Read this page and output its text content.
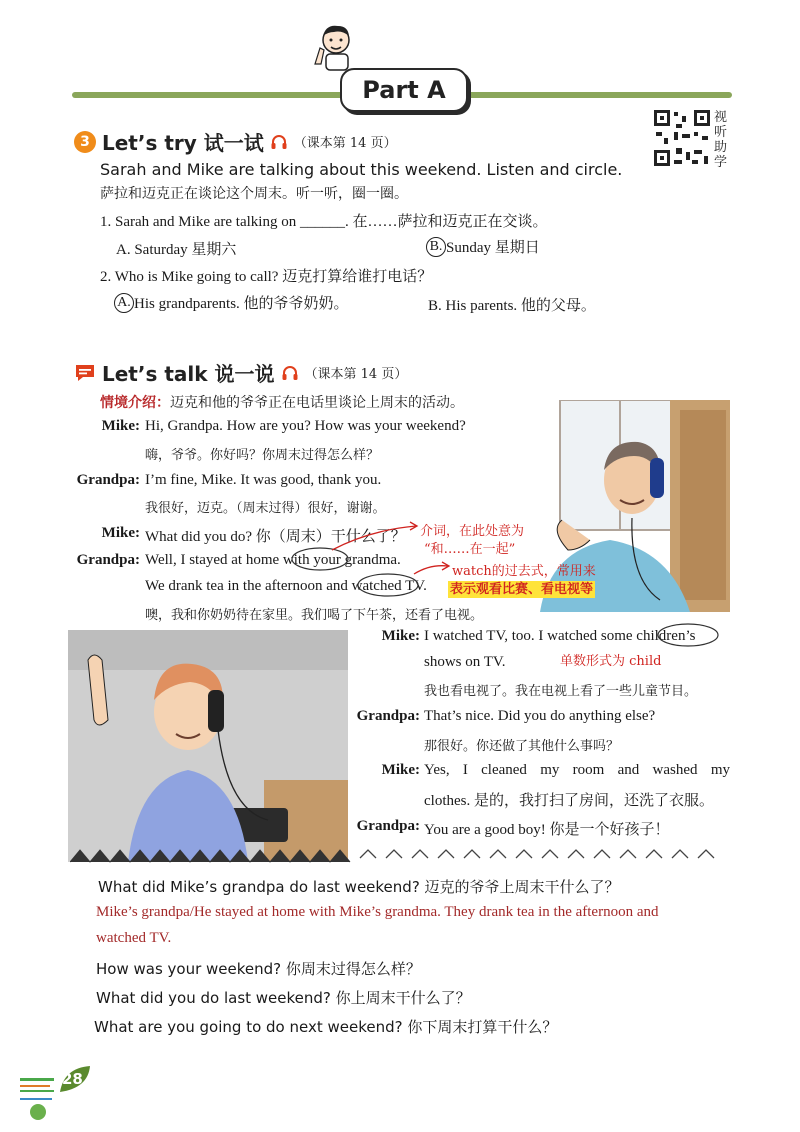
Part A
视听助学
3 Let’s try 试一试 （课本第 14 页）
Sarah and Mike are talking about this weekend. Listen and circle.
萨拉和迈克正在谈论这个周末。听一听，圈一圈。
1. Sarah and Mike are talking on ______. 在……萨拉和迈克正在交谈。
A. Saturday 星期六	B. Sunday 星期日
2. Who is Mike going to call? 迈克打算给谁打电话？
A. His grandparents. 他的爷爷奶奶。	B. His parents. 他的父母。
Let’s talk 说一说 （课本第 14 页）
情境介绍：迈克和他的爷爷正在电话里谈论上周末的活动。
Mike: Hi, Grandpa. How are you? How was your weekend?
嗨，爷爷。你好吗？你周末过得怎么样？
Grandpa: I’m fine, Mike. It was good, thank you.
我很好，迈克。（周末过得）很好，谢谢。
Mike: What did you do? 你（周末）干什么了？
Grandpa: Well, I stayed at home with your grandma.
We drank tea in the afternoon and watched TV.
噢，我和你奶奶待在家里。我们喝了下午茶，还看了电视。
介词，在此处意为
“和……在一起”
watch的过去式，常用来
表示观看比赛、看电视等
Mike: I watched TV, too. I watched some children’s
shows on TV.	单数形式为 child
我也看电视了。我在电视上看了一些儿童节目。
Grandpa: That’s nice. Did you do anything else?
那很好。你还做了其他什么事吗？
Mike: Yes, I cleaned my room and washed my
clothes. 是的，我打扫了房间，还洗了衣服。
Grandpa: You are a good boy! 你是一个好孩子！
What did Mike’s grandpa do last weekend? 迈克的爷爷上周末干什么了？
Mike’s grandpa/He stayed at home with Mike’s grandma. They drank tea in the afternoon and
watched TV.
How was your weekend? 你周末过得怎么样？
What did you do last weekend? 你上周末干什么了？
What are you going to do next weekend? 你下周末打算干什么？
28
